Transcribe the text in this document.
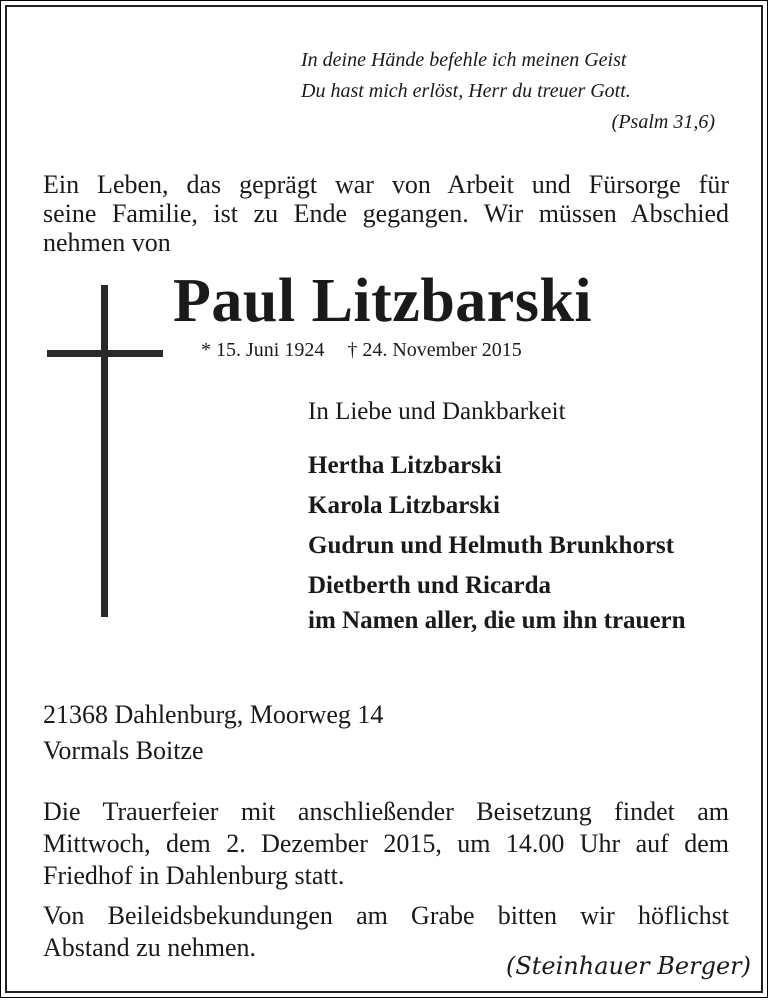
In deine Hände befehle ich meinen Geist
Du hast mich erlöst, Herr du treuer Gott.
(Psalm 31,6)
Ein Leben, das geprägt war von Arbeit und Fürsorge für
seine Familie, ist zu Ende gegangen. Wir müssen Abschied
nehmen von
Paul Litzbarski
* 15. Juni 1924 † 24. November 2015
In Liebe und Dankbarkeit
Hertha Litzbarski
Karola Litzbarski
Gudrun und Helmuth Brunkhorst
Dietberth und Ricarda
im Namen aller, die um ihn trauern
21368 Dahlenburg, Moorweg 14
Vormals Boitze
Die Trauerfeier mit anschließender Beisetzung findet am
Mittwoch, dem 2. Dezember 2015, um 14.00 Uhr auf dem
Friedhof in Dahlenburg statt.
Von Beileidsbekundungen am Grabe bitten wir höflichst
Abstand zu nehmen.
(Steinhauer Berger)
